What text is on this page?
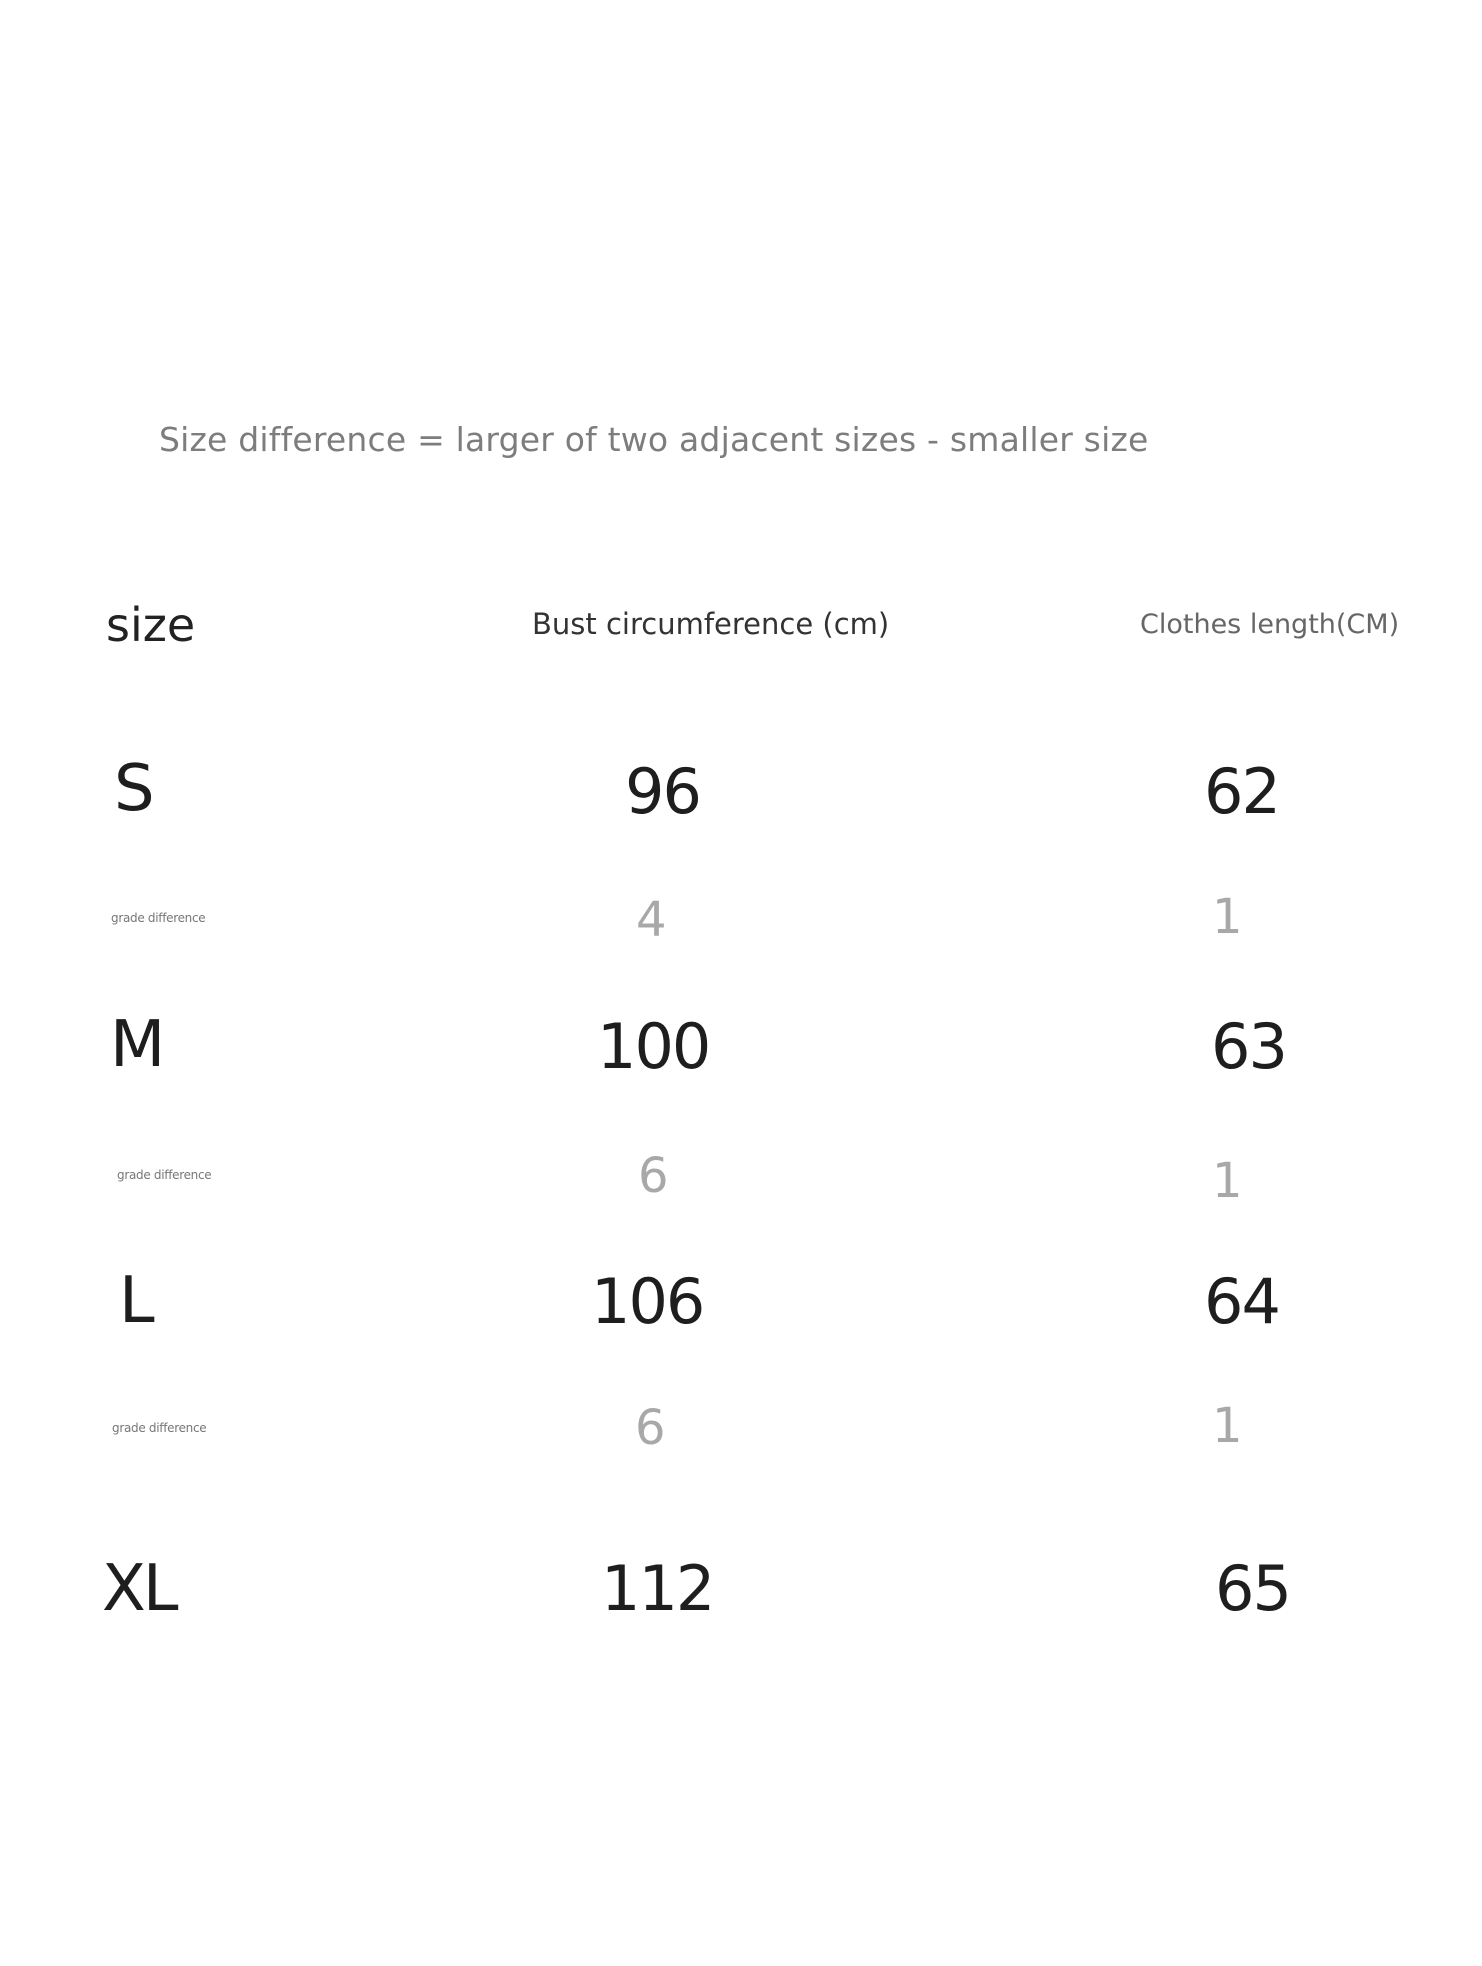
Size difference = larger of two adjacent sizes - smaller size
size	Bust circumference (cm)	Clothes length(CM)
S	96	62
grade difference	4	1
M	100	63
grade difference	6	1
L	106	64
grade difference	6	1
XL	112	65
